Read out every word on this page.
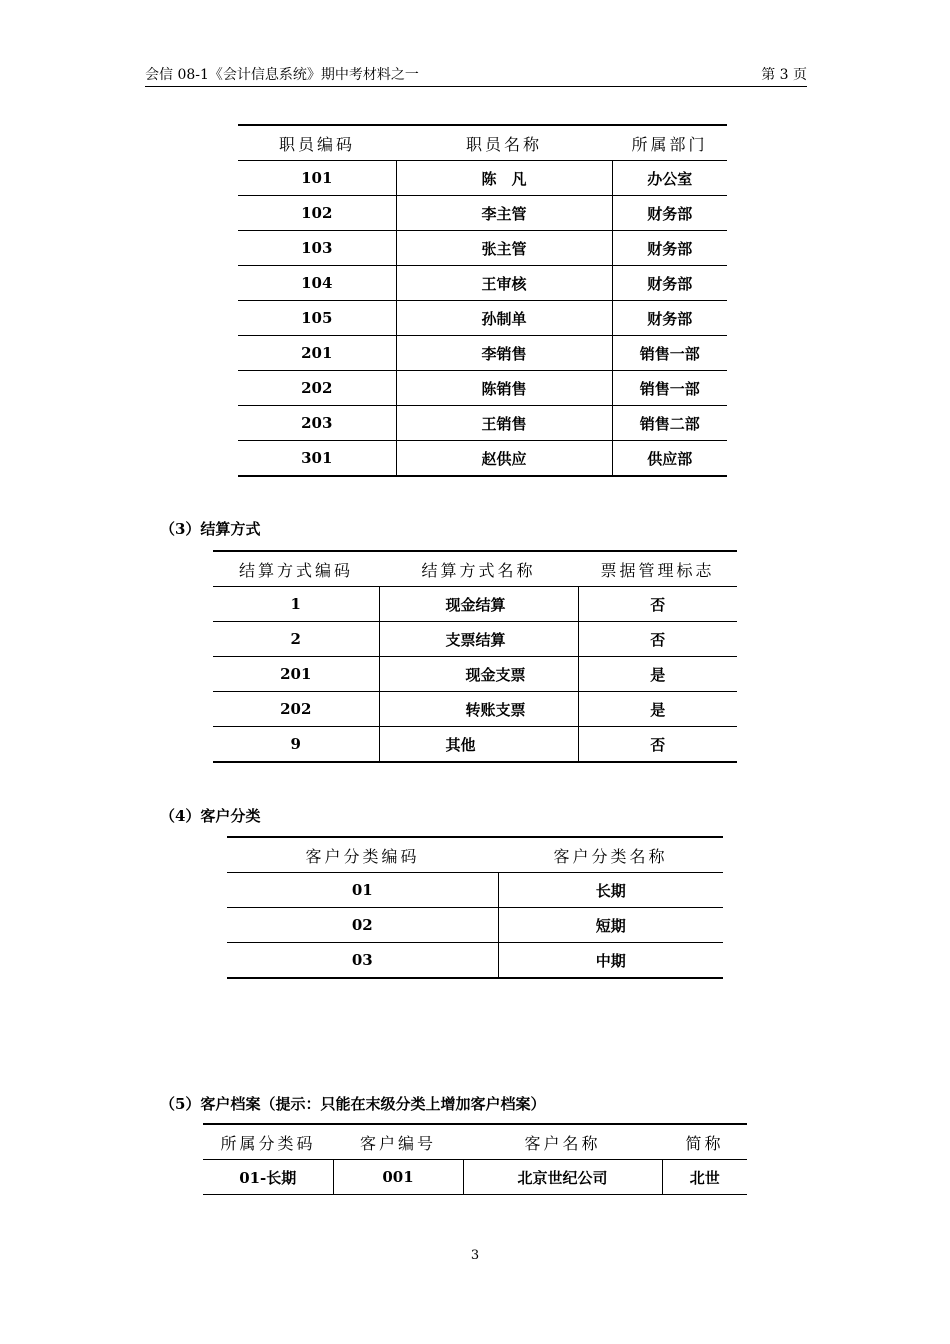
会信 08-1《会计信息系统》期中考材料之一	第 3 页
职员编码	职员名称	所属部门
101	陈　凡	办公室
102	李主管	财务部
103	张主管	财务部
104	王审核	财务部
105	孙制单	财务部
201	李销售	销售一部
202	陈销售	销售一部
203	王销售	销售二部
301	赵供应	供应部
（3）结算方式
结算方式编码	结算方式名称	票据管理标志
1	现金结算	否
2	支票结算	否
201	现金支票	是
202	转账支票	是
9	其他	否
（4）客户分类
客户分类编码	客户分类名称
01	长期
02	短期
03	中期
（5）客户档案（提示：只能在末级分类上增加客户档案）
所属分类码	客户编号	客户名称	简称
01-长期	001	北京世纪公司	北世
3
